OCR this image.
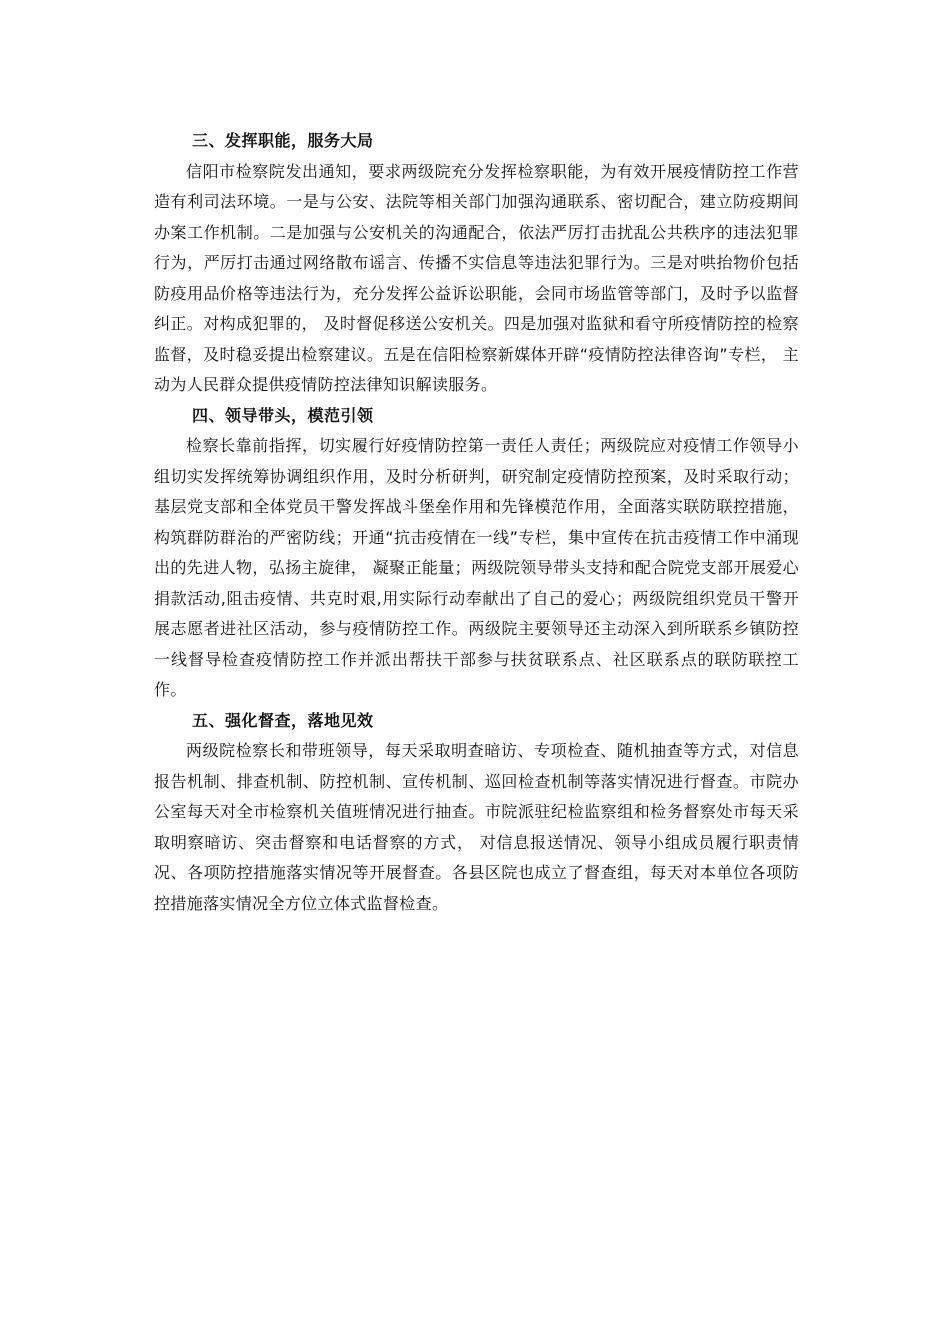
三、发挥职能，服务大局

信阳市检察院发出通知，要求两级院充分发挥检察职能，为有效开展疫情防控工作营造有利司法环境。一是与公安、法院等相关部门加强沟通联系、密切配合，建立防疫期间办案工作机制。二是加强与公安机关的沟通配合，依法严厉打击扰乱公共秩序的违法犯罪行为，严厉打击通过网络散布谣言、传播不实信息等违法犯罪行为。三是对哄抬物价包括防疫用品价格等违法行为，充分发挥公益诉讼职能，会同市场监管等部门，及时予以监督纠正。对构成犯罪的， 及时督促移送公安机关。四是加强对监狱和看守所疫情防控的检察监督，及时稳妥提出检察建议。五是在信阳检察新媒体开辟“疫情防控法律咨询”专栏， 主动为人民群众提供疫情防控法律知识解读服务。

四、领导带头，模范引领

检察长靠前指挥，切实履行好疫情防控第一责任人责任；两级院应对疫情工作领导小组切实发挥统筹协调组织作用，及时分析研判，研究制定疫情防控预案，及时采取行动；基层党支部和全体党员干警发挥战斗堡垒作用和先锋模范作用，全面落实联防联控措施，构筑群防群治的严密防线；开通“抗击疫情在一线”专栏，集中宣传在抗击疫情工作中涌现出的先进人物，弘扬主旋律， 凝聚正能量；两级院领导带头支持和配合院党支部开展爱心捐款活动,阻击疫情、共克时艰,用实际行动奉献出了自己的爱心；两级院组织党员干警开展志愿者进社区活动，参与疫情防控工作。两级院主要领导还主动深入到所联系乡镇防控一线督导检查疫情防控工作并派出帮扶干部参与扶贫联系点、社区联系点的联防联控工作。

五、强化督查，落地见效

两级院检察长和带班领导，每天采取明查暗访、专项检查、随机抽查等方式，对信息报告机制、排查机制、防控机制、宣传机制、巡回检查机制等落实情况进行督查。市院办公室每天对全市检察机关值班情况进行抽查。市院派驻纪检监察组和检务督察处市每天采取明察暗访、突击督察和电话督察的方式， 对信息报送情况、领导小组成员履行职责情况、各项防控措施落实情况等开展督查。各县区院也成立了督查组，每天对本单位各项防控措施落实情况全方位立体式监督检查。
